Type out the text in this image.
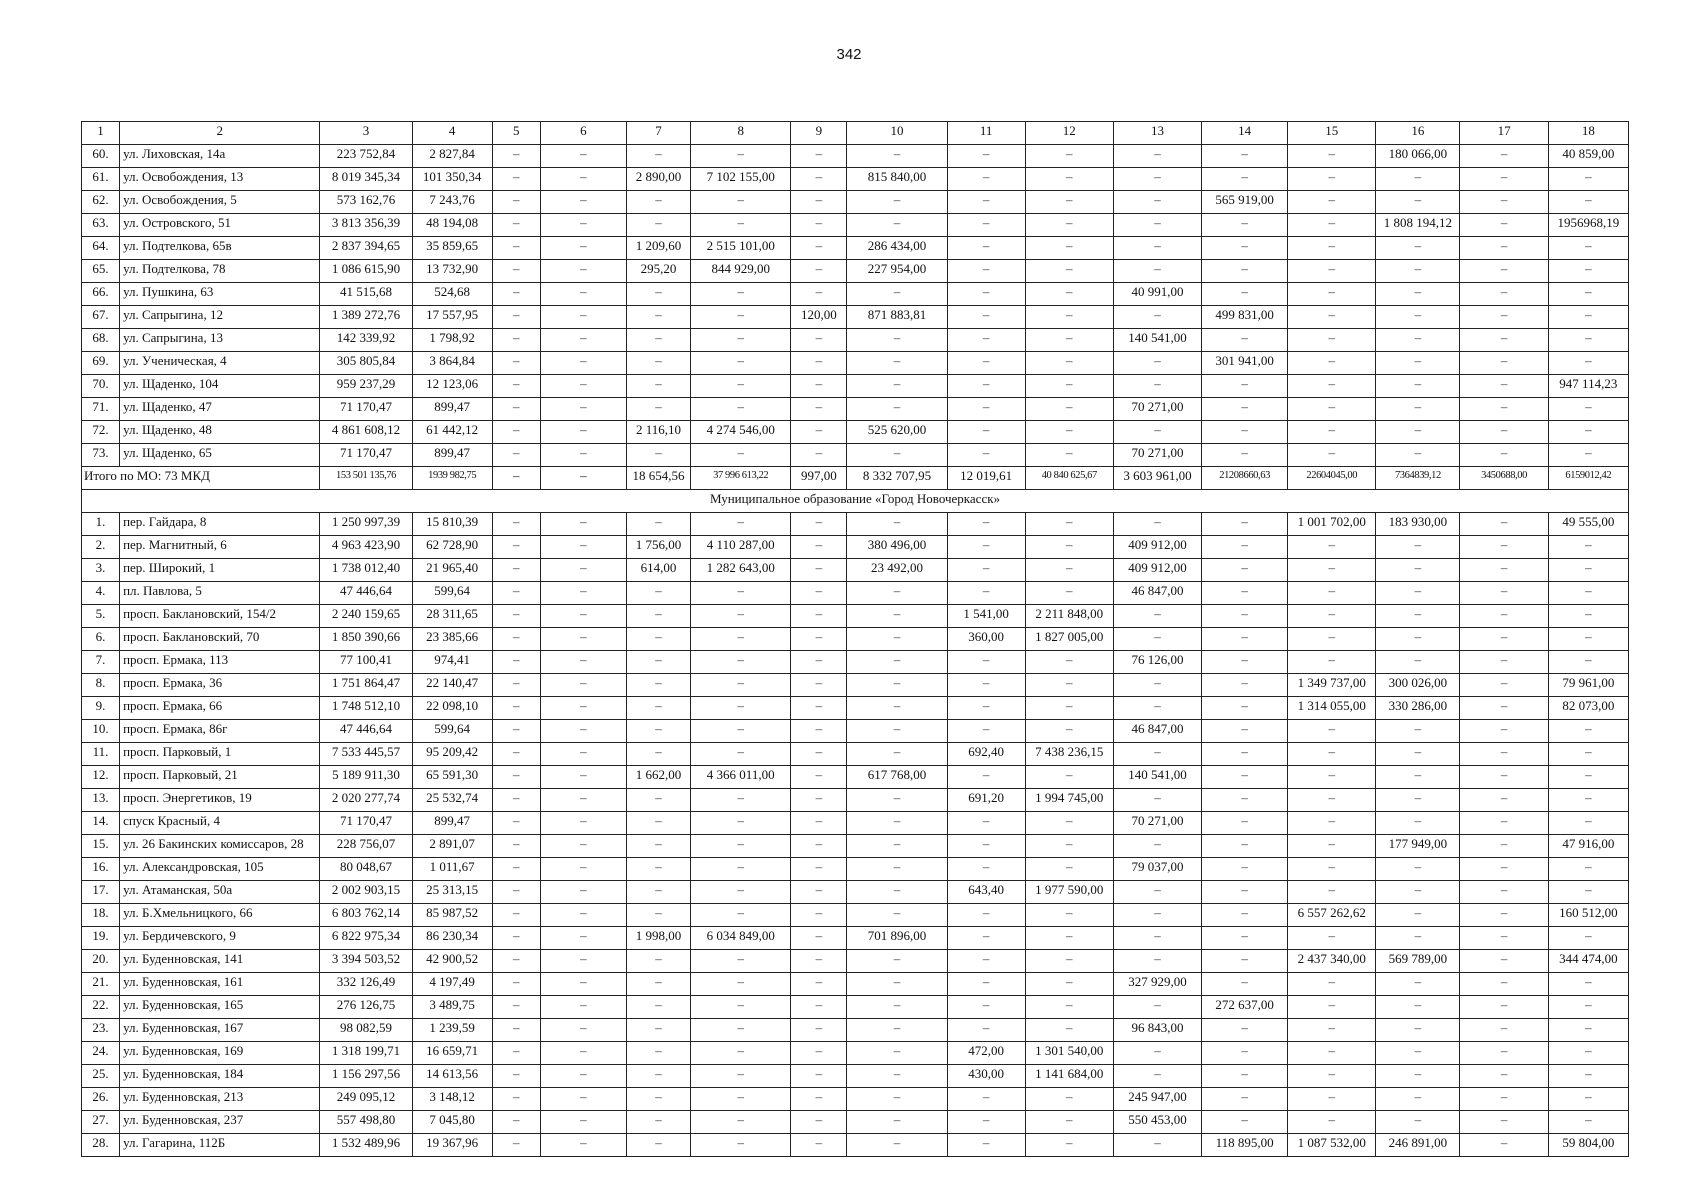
342
1	2	3	4	5	6	7	8	9	10	11	12	13	14	15	16	17	18
60.	ул. Лиховская, 14а	223 752,84	2 827,84	–	–	–	–	–	–	–	–	–	–	–	180 066,00	–	40 859,00
61.	ул. Освобождения, 13	8 019 345,34	101 350,34	–	–	2 890,00	7 102 155,00	–	815 840,00	–	–	–	–	–	–	–	–
62.	ул. Освобождения, 5	573 162,76	7 243,76	–	–	–	–	–	–	–	–	–	565 919,00	–	–	–	–
63.	ул. Островского, 51	3 813 356,39	48 194,08	–	–	–	–	–	–	–	–	–	–	–	1 808 194,12	–	1956968,19
64.	ул. Подтелкова, 65в	2 837 394,65	35 859,65	–	–	1 209,60	2 515 101,00	–	286 434,00	–	–	–	–	–	–	–	–
65.	ул. Подтелкова, 78	1 086 615,90	13 732,90	–	–	295,20	844 929,00	–	227 954,00	–	–	–	–	–	–	–	–
66.	ул. Пушкина, 63	41 515,68	524,68	–	–	–	–	–	–	–	–	40 991,00	–	–	–	–	–
67.	ул. Сапрыгина, 12	1 389 272,76	17 557,95	–	–	–	–	120,00	871 883,81	–	–	–	499 831,00	–	–	–	–
68.	ул. Сапрыгина, 13	142 339,92	1 798,92	–	–	–	–	–	–	–	–	140 541,00	–	–	–	–	–
69.	ул. Ученическая, 4	305 805,84	3 864,84	–	–	–	–	–	–	–	–	–	301 941,00	–	–	–	–
70.	ул. Щаденко, 104	959 237,29	12 123,06	–	–	–	–	–	–	–	–	–	–	–	–	–	947 114,23
71.	ул. Щаденко, 47	71 170,47	899,47	–	–	–	–	–	–	–	–	70 271,00	–	–	–	–	–
72.	ул. Щаденко, 48	4 861 608,12	61 442,12	–	–	2 116,10	4 274 546,00	–	525 620,00	–	–	–	–	–	–	–	–
73.	ул. Щаденко, 65	71 170,47	899,47	–	–	–	–	–	–	–	–	70 271,00	–	–	–	–	–
Итого по МО: 73 МКД		153 501 135,76	1939 982,75	–	–	18 654,56	37 996 613,22	997,00	8 332 707,95	12 019,61	40 840 625,67	3 603 961,00	21208660,63	22604045,00	7364839,12	3450688,00	6159012,42
Муниципальное образование «Город Новочеркасск»																	
1.	пер. Гайдара, 8	1 250 997,39	15 810,39	–	–	–	–	–	–	–	–	–	–	1 001 702,00	183 930,00	–	49 555,00
2.	пер. Магнитный, 6	4 963 423,90	62 728,90	–	–	1 756,00	4 110 287,00	–	380 496,00	–	–	409 912,00	–	–	–	–	–
3.	пер. Широкий, 1	1 738 012,40	21 965,40	–	–	614,00	1 282 643,00	–	23 492,00	–	–	409 912,00	–	–	–	–	–
4.	пл. Павлова, 5	47 446,64	599,64	–	–	–	–	–	–	–	–	46 847,00	–	–	–	–	–
5.	просп. Баклановский, 154/2	2 240 159,65	28 311,65	–	–	–	–	–	–	1 541,00	2 211 848,00	–	–	–	–	–	–
6.	просп. Баклановский, 70	1 850 390,66	23 385,66	–	–	–	–	–	–	360,00	1 827 005,00	–	–	–	–	–	–
7.	просп. Ермака, 113	77 100,41	974,41	–	–	–	–	–	–	–	–	76 126,00	–	–	–	–	–
8.	просп. Ермака, 36	1 751 864,47	22 140,47	–	–	–	–	–	–	–	–	–	–	1 349 737,00	300 026,00	–	79 961,00
9.	просп. Ермака, 66	1 748 512,10	22 098,10	–	–	–	–	–	–	–	–	–	–	1 314 055,00	330 286,00	–	82 073,00
10.	просп. Ермака, 86г	47 446,64	599,64	–	–	–	–	–	–	–	–	46 847,00	–	–	–	–	–
11.	просп. Парковый, 1	7 533 445,57	95 209,42	–	–	–	–	–	–	692,40	7 438 236,15	–	–	–	–	–	–
12.	просп. Парковый, 21	5 189 911,30	65 591,30	–	–	1 662,00	4 366 011,00	–	617 768,00	–	–	140 541,00	–	–	–	–	–
13.	просп. Энергетиков, 19	2 020 277,74	25 532,74	–	–	–	–	–	–	691,20	1 994 745,00	–	–	–	–	–	–
14.	спуск Красный, 4	71 170,47	899,47	–	–	–	–	–	–	–	–	70 271,00	–	–	–	–	–
15.	ул. 26 Бакинских комиссаров, 28	228 756,07	2 891,07	–	–	–	–	–	–	–	–	–	–	–	177 949,00	–	47 916,00
16.	ул. Александровская, 105	80 048,67	1 011,67	–	–	–	–	–	–	–	–	79 037,00	–	–	–	–	–
17.	ул. Атаманская, 50а	2 002 903,15	25 313,15	–	–	–	–	–	–	643,40	1 977 590,00	–	–	–	–	–	–
18.	ул. Б.Хмельницкого, 66	6 803 762,14	85 987,52	–	–	–	–	–	–	–	–	–	–	6 557 262,62	–	–	160 512,00
19.	ул. Бердичевского, 9	6 822 975,34	86 230,34	–	–	1 998,00	6 034 849,00	–	701 896,00	–	–	–	–	–	–	–	–
20.	ул. Буденновская, 141	3 394 503,52	42 900,52	–	–	–	–	–	–	–	–	–	–	2 437 340,00	569 789,00	–	344 474,00
21.	ул. Буденновская, 161	332 126,49	4 197,49	–	–	–	–	–	–	–	–	327 929,00	–	–	–	–	–
22.	ул. Буденновская, 165	276 126,75	3 489,75	–	–	–	–	–	–	–	–	–	272 637,00	–	–	–	–
23.	ул. Буденновская, 167	98 082,59	1 239,59	–	–	–	–	–	–	–	–	96 843,00	–	–	–	–	–
24.	ул. Буденновская, 169	1 318 199,71	16 659,71	–	–	–	–	–	–	472,00	1 301 540,00	–	–	–	–	–	–
25.	ул. Буденновская, 184	1 156 297,56	14 613,56	–	–	–	–	–	–	430,00	1 141 684,00	–	–	–	–	–	–
26.	ул. Буденновская, 213	249 095,12	3 148,12	–	–	–	–	–	–	–	–	245 947,00	–	–	–	–	–
27.	ул. Буденновская, 237	557 498,80	7 045,80	–	–	–	–	–	–	–	–	550 453,00	–	–	–	–	–
28.	ул. Гагарина, 112Б	1 532 489,96	19 367,96	–	–	–	–	–	–	–	–	–	118 895,00	1 087 532,00	246 891,00	–	59 804,00
